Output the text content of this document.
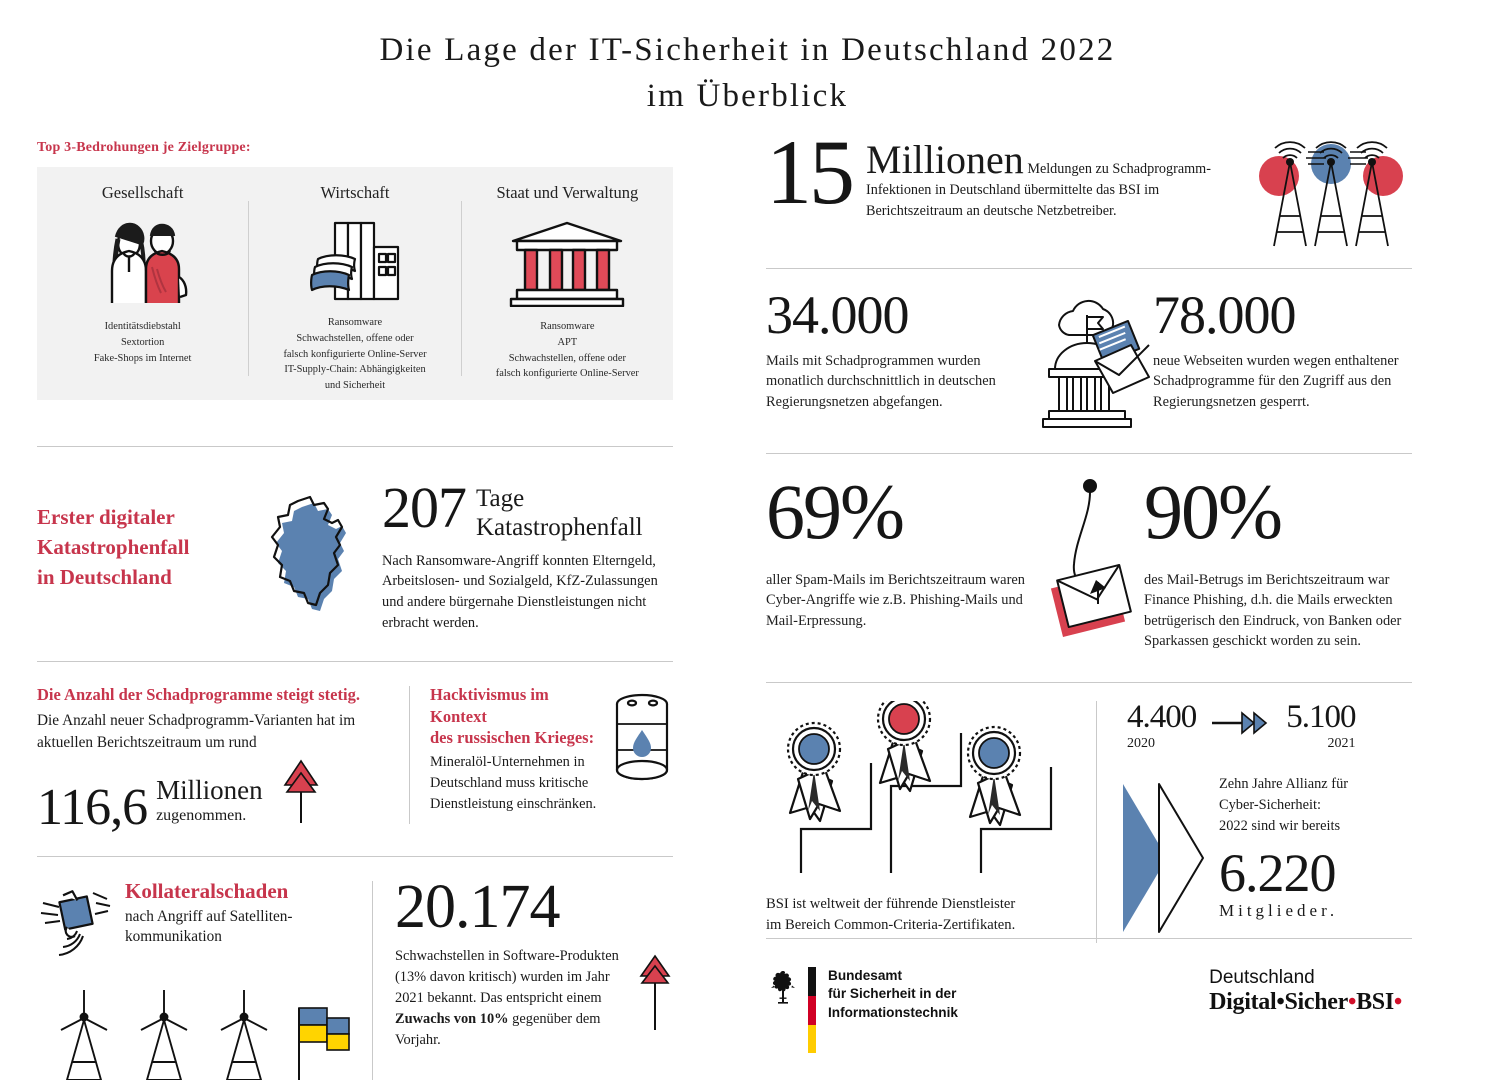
Die Lage der IT-Sicherheit in Deutschland 2022
im Überblick
Top 3-Bedrohungen je Zielgruppe:
Gesellschaft
Identitätsdiebstahl
Sextortion
Fake-Shops im Internet
Wirtschaft
Ransomware
Schwachstellen, offene oder
falsch konfigurierte Online-Server
IT-Supply-Chain: Abhängigkeiten
und Sicherheit
Staat und Verwaltung
Ransomware
APT
Schwachstellen, offene oder
falsch konfigurierte Online-Server
Erster digitaler
Katastrophenfall
in Deutschland
207 Tage
Katastrophenfall
Nach Ransomware-Angriff konnten Elterngeld, Arbeitslosen- und Sozialgeld, KfZ-Zulassungen und andere bürgernahe Dienstleistungen nicht erbracht werden.
Die Anzahl der Schadprogramme steigt stetig.
Die Anzahl neuer Schadprogramm-Varianten hat im aktuellen Berichtszeitraum um rund
116,6 Millionen
zugenommen.
Hacktivismus im Kontext
des russischen Krieges:
Mineralöl-Unternehmen in Deutschland muss kritische Dienstleistung einschränken.
Kollateralschaden
nach Angriff auf Satelliten-
kommunikation	20.174
Schwachstellen in Software-Produkten (13% davon kritisch) wurden im Jahr 2021 bekannt. Das entspricht einem Zuwachs von 10% gegenüber dem Vorjahr.
15 Millionen Meldungen zu Schadprogramm-Infektionen in Deutschland übermittelte das BSI im Berichtszeitraum an deutsche Netzbetreiber.
34.000
Mails mit Schadprogrammen wurden monatlich durchschnittlich in deutschen Regierungsnetzen abgefangen.
78.000
neue Webseiten wurden wegen enthaltener Schadprogramme für den Zugriff aus den Regierungsnetzen gesperrt.
69%
aller Spam-Mails im Berichtszeitraum waren Cyber-Angriffe wie z.B. Phishing-Mails und Mail-Erpressung.
90%
des Mail-Betrugs im Berichtszeitraum war Finance Phishing, d.h. die Mails erweckten betrügerisch den Eindruck, von Banken oder Sparkassen geschickt worden zu sein.
BSI ist weltweit der führende Dienstleister
im Bereich Common-Criteria-Zertifikaten.
4.400
2020
5.100
2021
Zehn Jahre Allianz für
Cyber-Sicherheit:
2022 sind wir bereits
6.220
Mitglieder.
Bundesamt
für Sicherheit in der
Informationstechnik
Deutschland
Digital•Sicher•BSI•
